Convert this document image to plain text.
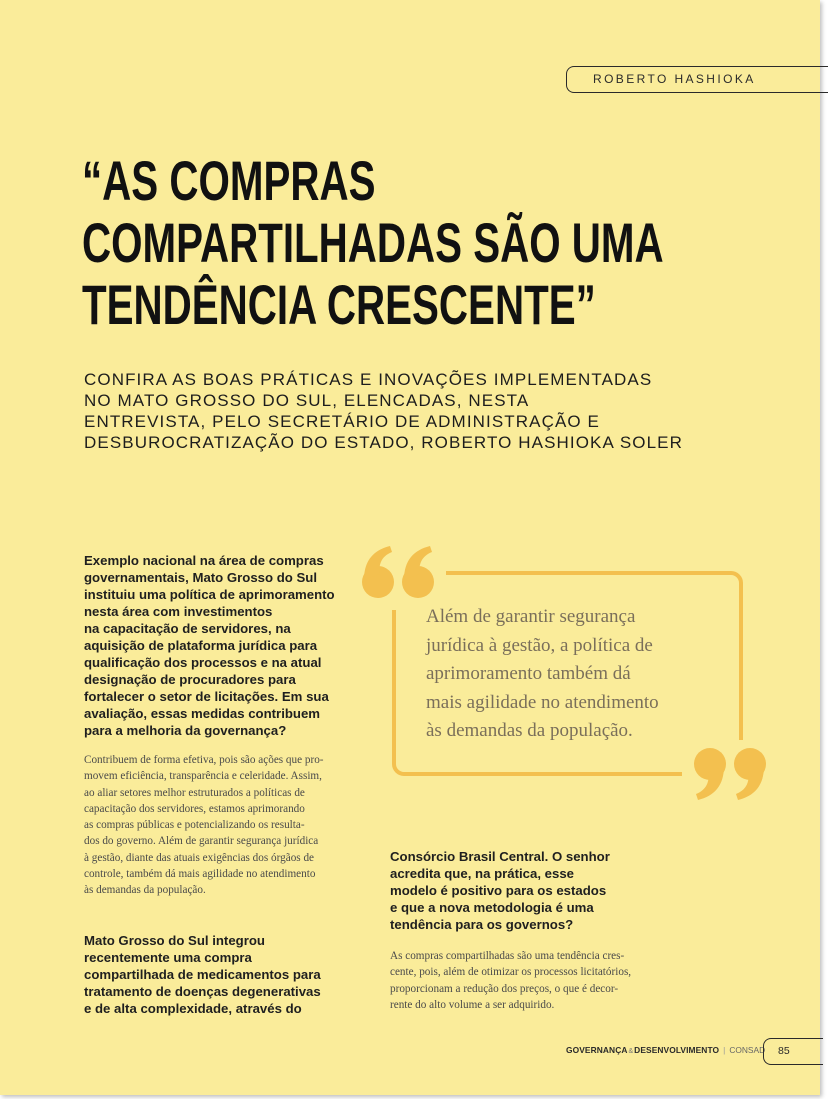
ROBERTO HASHIOKA
“AS COMPRAS
COMPARTILHADAS SÃO UMA
TENDÊNCIA CRESCENTE”
CONFIRA AS BOAS PRÁTICAS E INOVAÇÕES IMPLEMENTADAS
NO MATO GROSSO DO SUL, ELENCADAS, NESTA
ENTREVISTA, PELO SECRETÁRIO DE ADMINISTRAÇÃO E
DESBUROCRATIZAÇÃO DO ESTADO, ROBERTO HASHIOKA SOLER
Exemplo nacional na área de compras
governamentais, Mato Grosso do Sul
instituiu uma política de aprimoramento
nesta área com investimentos
na capacitação de servidores, na
aquisição de plataforma jurídica para
qualificação dos processos e na atual
designação de procuradores para
fortalecer o setor de licitações. Em sua
avaliação, essas medidas contribuem
para a melhoria da governança?
Contribuem de forma efetiva, pois são ações que pro-
movem eficiência, transparência e celeridade. Assim,
ao aliar setores melhor estruturados a políticas de
capacitação dos servidores, estamos aprimorando
as compras públicas e potencializando os resulta-
dos do governo. Além de garantir segurança jurídica
à gestão, diante das atuais exigências dos órgãos de
controle, também dá mais agilidade no atendimento
às demandas da população.
Mato Grosso do Sul integrou
recentemente uma compra
compartilhada de medicamentos para
tratamento de doenças degenerativas
e de alta complexidade, através do
Além de garantir segurança
jurídica à gestão, a política de
aprimoramento também dá
mais agilidade no atendimento
às demandas da população.
Consórcio Brasil Central. O senhor
acredita que, na prática, esse
modelo é positivo para os estados
e que a nova metodologia é uma
tendência para os governos?
As compras compartilhadas são uma tendência cres-
cente, pois, além de otimizar os processos licitatórios,
proporcionam a redução dos preços, o que é decor-
rente do alto volume a ser adquirido.
GOVERNANÇA&DESENVOLVIMENTO | CONSAD 85
